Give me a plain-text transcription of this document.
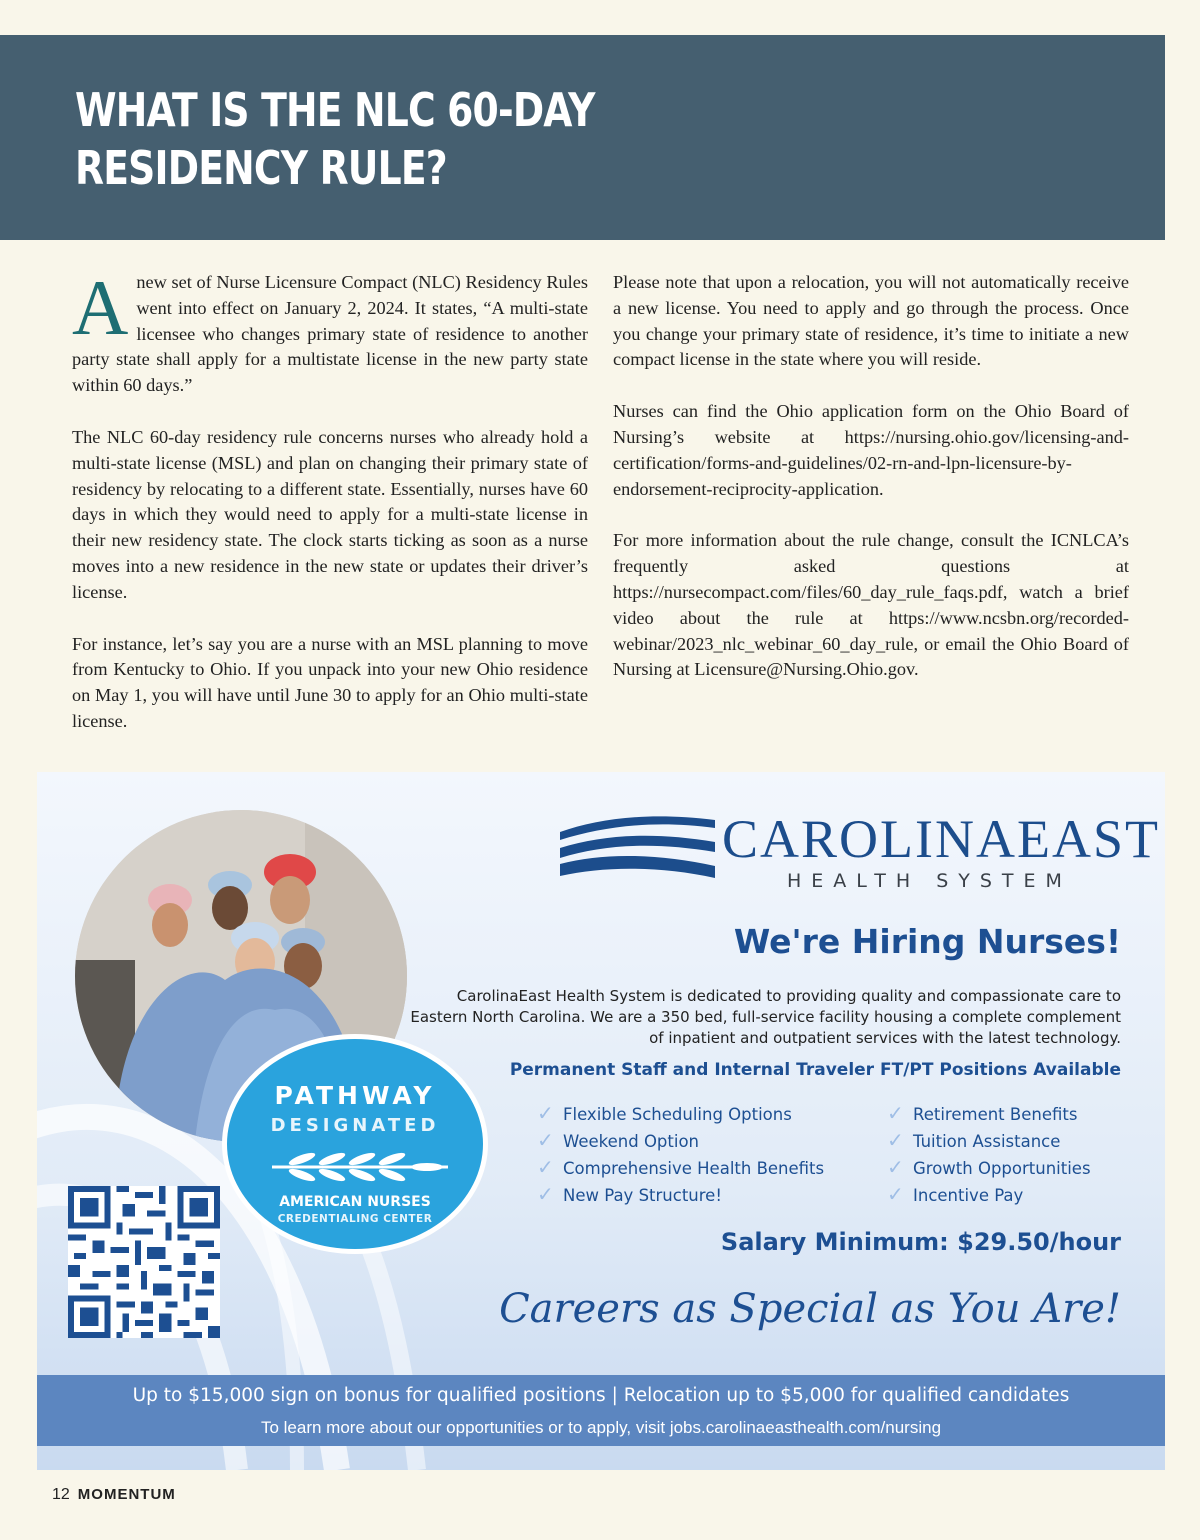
WHAT IS THE NLC 60-DAY
RESIDENCY RULE?

Anew set of Nurse Licensure Compact (NLC) Residency Rules went into effect on January 2, 2024. It states, “A multi-state licensee who changes primary state of residence to another party state shall apply for a multistate license in the new party state within 60 days.”

The NLC 60-day residency rule concerns nurses who already hold a multi-state license (MSL) and plan on changing their primary state of residency by relocating to a different state. Essentially, nurses have 60 days in which they would need to apply for a multi-state license in their new residency state. The clock starts ticking as soon as a nurse moves into a new residence in the new state or updates their driver’s license.

For instance, let’s say you are a nurse with an MSL planning to move from Kentucky to Ohio. If you unpack into your new Ohio residence on May 1, you will have until June 30 to apply for an Ohio multi-state license.

Please note that upon a relocation, you will not automatically receive a new license. You need to apply and go through the process. Once you change your primary state of residence, it’s time to initiate a new compact license in the state where you will reside.

Nurses can find the Ohio application form on the Ohio Board of Nursing’s website at https://nursing.ohio.gov/licensing-and-certification/forms-and-guidelines/02-rn-and-lpn-licensure-by-endorsement-reciprocity-application.

For more information about the rule change, consult the ICNLCA’s frequently asked questions at https://nursecompact.com/files/60_day_rule_faqs.pdf, watch a brief video about the rule at https://www.ncsbn.org/recorded-webinar/2023_nlc_webinar_60_day_rule, or email the Ohio Board of Nursing at Licensure@Nursing.Ohio.gov.

PATHWAY
DESIGNATED
AMERICAN NURSES
CREDENTIALING CENTER
CAROLINAEAST
HEALTH SYSTEM
We're Hiring Nurses!
CarolinaEast Health System is dedicated to providing quality and compassionate care to Eastern North Carolina. We are a 350 bed, full-service facility housing a complete complement of inpatient and outpatient services with the latest technology.
Permanent Staff and Internal Traveler FT/PT Positions Available
✓ Flexible Scheduling Options
✓ Weekend Option
✓ Comprehensive Health Benefits
✓ New Pay Structure!
✓ Retirement Benefits
✓ Tuition Assistance
✓ Growth Opportunities
✓ Incentive Pay
Salary Minimum: $29.50/hour
Careers as Special as You Are!
Up to $15,000 sign on bonus for qualified positions | Relocation up to $5,000 for qualified candidates
To learn more about our opportunities or to apply, visit jobs.carolinaeasthealth.com/nursing
12 MOMENTUM
